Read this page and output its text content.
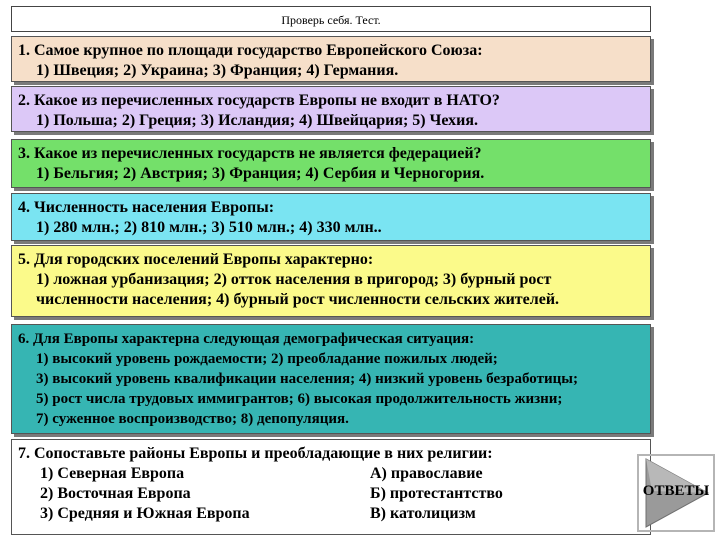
Проверь себя. Тест.
1. Самое крупное по площади государство Европейского Союза:
1) Швеция; 2) Украина; 3) Франция; 4) Германия.
2. Какое из перечисленных государств Европы не входит в НАТО?
1) Польша; 2) Греция; 3) Исландия; 4) Швейцария; 5) Чехия.
3. Какое из перечисленных государств не является федерацией?
1) Бельгия; 2) Австрия; 3) Франция; 4) Сербия и Черногория.
4. Численность населения Европы:
1) 280 млн.; 2) 810 млн.; 3) 510 млн.; 4) 330 млн..
5. Для городских поселений Европы характерно:
1) ложная урбанизация; 2) отток населения в пригород; 3) бурный рост
численности населения; 4) бурный рост численности сельских жителей.
6. Для Европы характерна следующая демографическая ситуация:
1) высокий уровень рождаемости; 2) преобладание пожилых людей;
3) высокий уровень квалификации населения; 4) низкий уровень безработицы;
5) рост числа трудовых иммигрантов; 6) высокая продолжительность жизни;
7) суженное воспроизводство; 8) депопуляция.
7. Сопоставьте районы Европы и преобладающие в них религии:
1) Северная Европа	А) православие
2) Восточная Европа	Б) протестантство
3) Средняя и Южная Европа	В) католицизм
ОТВЕТЫ
